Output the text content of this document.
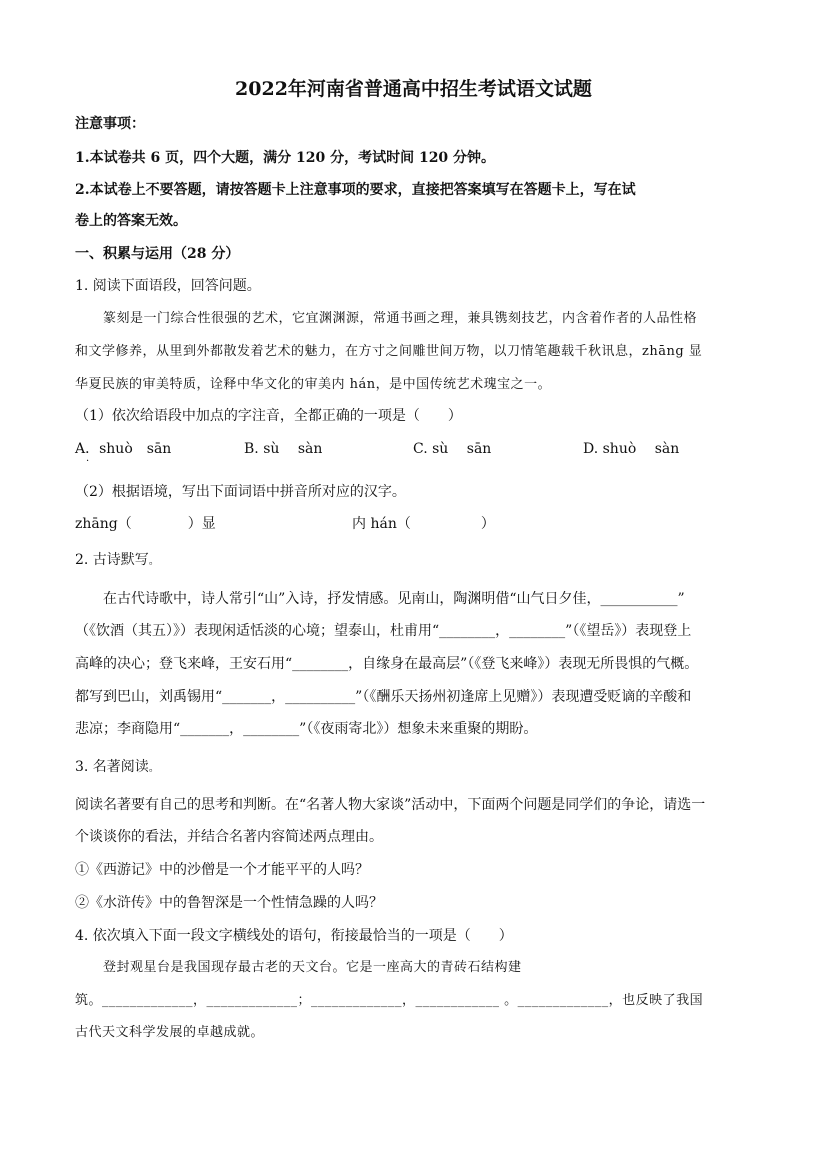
2022年河南省普通高中招生考试语文试题
注意事项：
1.本试卷共 6 页，四个大题，满分 120 分，考试时间 120 分钟。
2.本试卷上不要答题，请按答题卡上注意事项的要求，直接把答案填写在答题卡上，写在试
卷上的答案无效。
一、积累与运用（28 分）
1. 阅读下面语段，回答问题。
篆刻是一门综合性很强的艺术，它宜渊渊源，常通书画之理，兼具镌刻技艺，内含着作者的人品性格
和文学修养，从里到外都散发着艺术的魅力，在方寸之间雕世间万物，以刀情笔趣载千秋讯息，zhāng 显
华夏民族的审美特质，诠释中华文化的审美内 hán，是中国传统艺术瑰宝之一。
（1）依次给语段中加点的字注音，全都正确的一项是（　　）
A．shuò　sān
·
B. sù　 sàn	C. sù　 sān	D. shuò　 sàn
（2）根据语境，写出下面词语中拼音所对应的汉字。
zhāng（　　　　）显	内 hán（　　　　　）
2. 古诗默写。
在古代诗歌中，诗人常引“山”入诗，抒发情感。见南山，陶渊明借“山气日夕佳，___________”
（《饮酒（其五）》）表现闲适恬淡的心境；望泰山，杜甫用“________，________”（《望岳》）表现登上
高峰的决心；登飞来峰，王安石用“________，自缘身在最高层”（《登飞来峰》）表现无所畏惧的气概。
都写到巴山，刘禹锡用“_______，__________”（《酬乐天扬州初逢席上见赠》）表现遭受贬谪的辛酸和
悲凉；李商隐用“_______，________”（《夜雨寄北》）想象未来重聚的期盼。
3. 名著阅读。
阅读名著要有自己的思考和判断。在“名著人物大家谈”活动中，下面两个问题是同学们的争论，请选一
个谈谈你的看法，并结合名著内容简述两点理由。
①《西游记》中的沙僧是一个才能平平的人吗？
②《水浒传》中的鲁智深是一个性情急躁的人吗？
4. 依次填入下面一段文字横线处的语句，衔接最恰当的一项是（　　）
登封观星台是我国现存最古老的天文台。它是一座高大的青砖石结构建
筑。_____________，_____________；_____________，____________ 。_____________，也反映了我国
古代天文科学发展的卓越成就。
